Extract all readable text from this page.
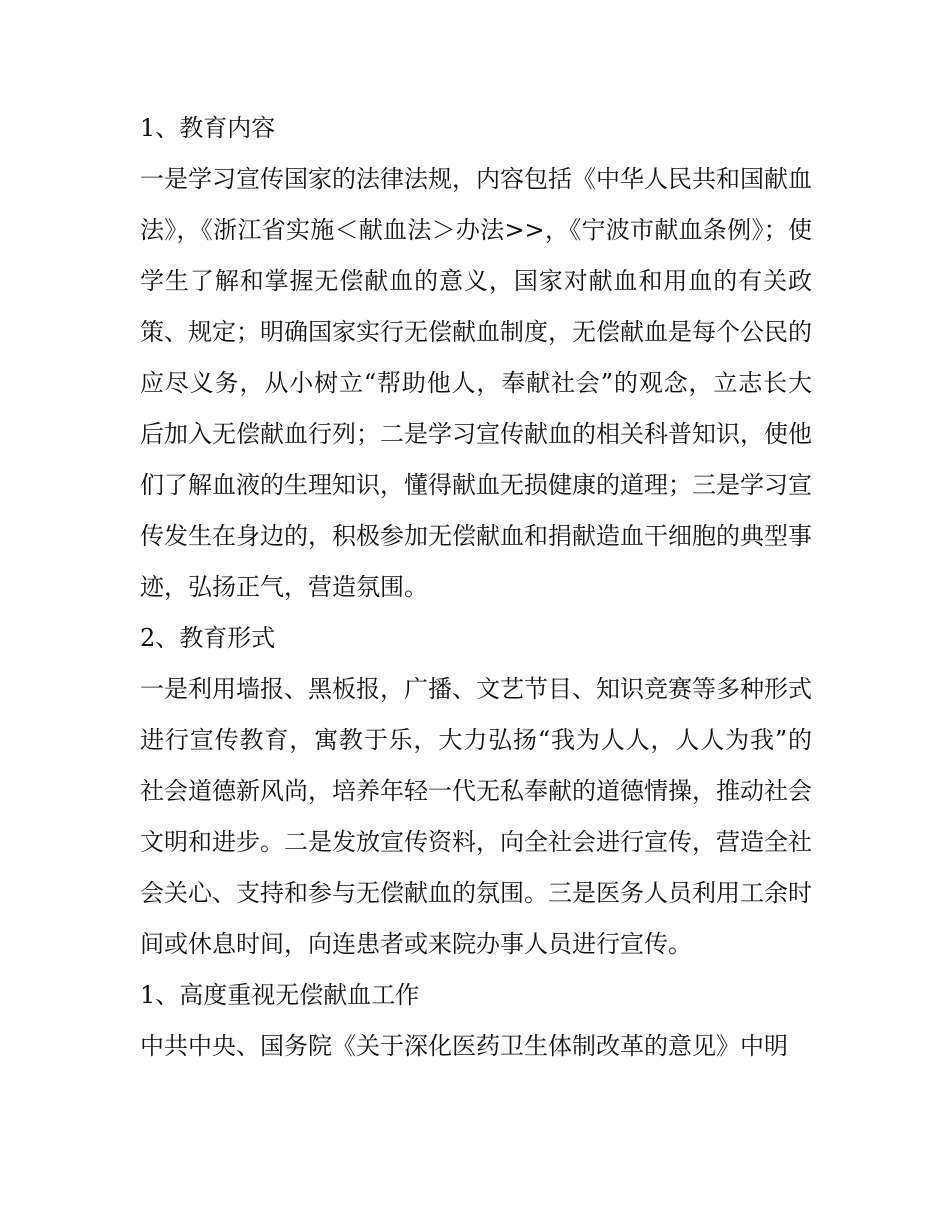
1、教育内容

一是学习宣传国家的法律法规，内容包括《中华人民共和国献血法》，《浙江省实施＜献血法＞办法>>，《宁波市献血条例》；使学生了解和掌握无偿献血的意义，国家对献血和用血的有关政策、规定；明确国家实行无偿献血制度，无偿献血是每个公民的应尽义务，从小树立“帮助他人，奉献社会”的观念，立志长大后加入无偿献血行列；二是学习宣传献血的相关科普知识，使他们了解血液的生理知识，懂得献血无损健康的道理；三是学习宣传发生在身边的，积极参加无偿献血和捐献造血干细胞的典型事迹，弘扬正气，营造氛围。

2、教育形式

一是利用墙报、黑板报，广播、文艺节目、知识竞赛等多种形式进行宣传教育，寓教于乐，大力弘扬“我为人人，人人为我”的社会道德新风尚，培养年轻一代无私奉献的道德情操，推动社会文明和进步。二是发放宣传资料，向全社会进行宣传，营造全社会关心、支持和参与无偿献血的氛围。三是医务人员利用工余时间或休息时间，向连患者或来院办事人员进行宣传。

1、高度重视无偿献血工作

中共中央、国务院《关于深化医药卫生体制改革的意见》中明
